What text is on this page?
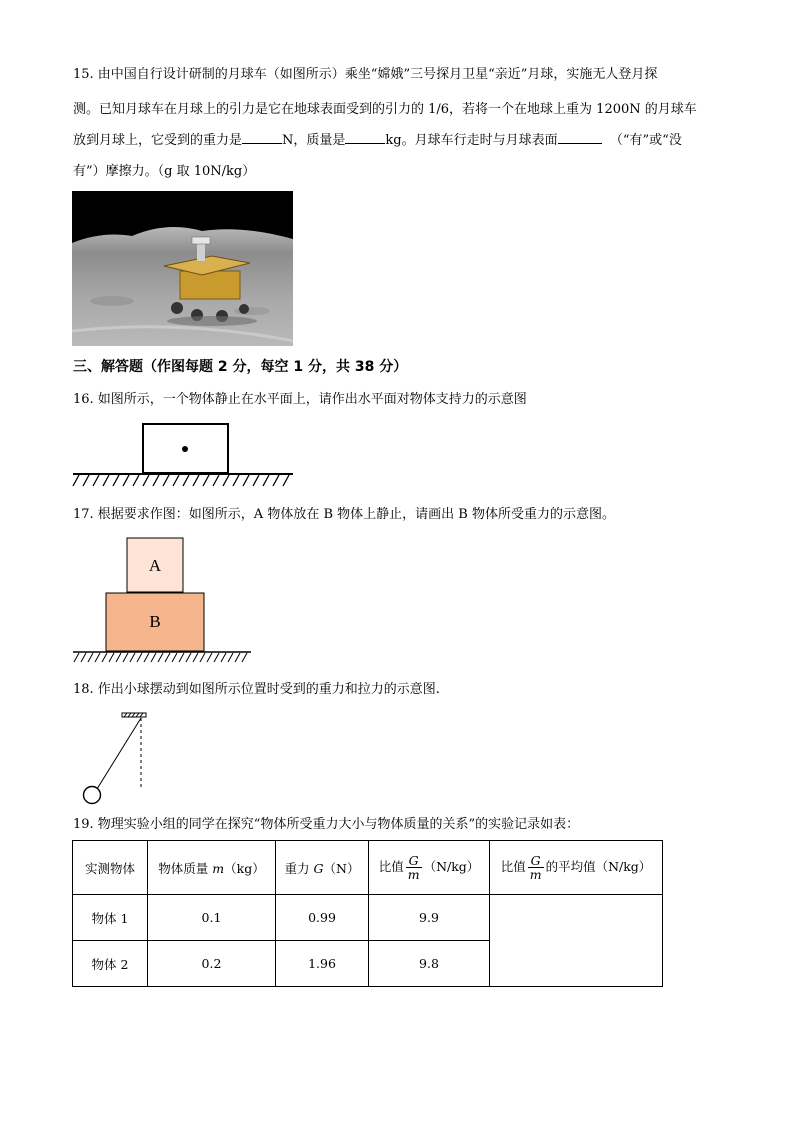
15. 由中国自行设计研制的月球车（如图所示）乘坐“嫦娥”三号探月卫星“亲近”月球，实施无人登月探
测。已知月球车在月球上的引力是它在地球表面受到的引力的 1/6，若将一个在地球上重为 1200N 的月球车
放到月球上，它受到的重力是	N，质量是	kg。月球车行走时与月球表面	（“有”或“没
有”）摩擦力。（g 取 10N/kg）
三、解答题（作图每题 2 分，每空 1 分，共 38 分）
16. 如图所示，一个物体静止在水平面上，请作出水平面对物体支持力的示意图
17. 根据要求作图：如图所示，A 物体放在 B 物体上静止，请画出 B 物体所受重力的示意图。
A
B
18. 作出小球摆动到如图所示位置时受到的重力和拉力的示意图.
19. 物理实验小组的同学在探究“物体所受重力大小与物体质量的关系”的实验记录如表：
实测物体	物体质量 m（kg）	重力 G（N）	比值 $\frac{G}{m} (N/kg)$	比值 $\frac{G}{m}$ 的平均值（N/kg）
物体 1	0.1	0.99	9.9	
物体 2	0.2	1.96	9.8	
